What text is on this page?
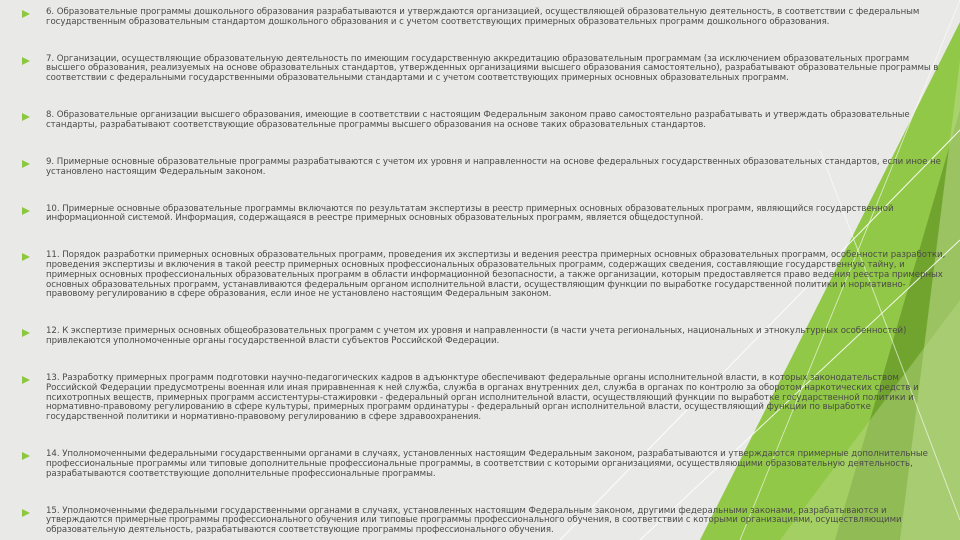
6. Образовательные программы дошкольного образования разрабатываются и утверждаются организацией, осуществляющей образовательную деятельность, в соответствии с федеральным государственным образовательным стандартом дошкольного образования и с учетом соответствующих примерных образовательных программ дошкольного образования.
7. Организации, осуществляющие образовательную деятельность по имеющим государственную аккредитацию образовательным программам (за исключением образовательных программ высшего образования, реализуемых на основе образовательных стандартов, утвержденных организациями высшего образования самостоятельно), разрабатывают образовательные программы в соответствии с федеральными государственными образовательными стандартами и с учетом соответствующих примерных основных образовательных программ.
8. Образовательные организации высшего образования, имеющие в соответствии с настоящим Федеральным законом право самостоятельно разрабатывать и утверждать образовательные стандарты, разрабатывают соответствующие образовательные программы высшего образования на основе таких образовательных стандартов.
9. Примерные основные образовательные программы разрабатываются с учетом их уровня и направленности на основе федеральных государственных образовательных стандартов, если иное не установлено настоящим Федеральным законом.
10. Примерные основные образовательные программы включаются по результатам экспертизы в реестр примерных основных образовательных программ, являющийся государственной информационной системой. Информация, содержащаяся в реестре примерных основных образовательных программ, является общедоступной.
11. Порядок разработки примерных основных образовательных программ, проведения их экспертизы и ведения реестра примерных основных образовательных программ, особенности разработки, проведения экспертизы и включения в такой реестр примерных основных профессиональных образовательных программ, содержащих сведения, составляющие государственную тайну, и примерных основных профессиональных образовательных программ в области информационной безопасности, а также организации, которым предоставляется право ведения реестра примерных основных образовательных программ, устанавливаются федеральным органом исполнительной власти, осуществляющим функции по выработке государственной политики и нормативно-правовому регулированию в сфере образования, если иное не установлено настоящим Федеральным законом.
12. К экспертизе примерных основных общеобразовательных программ с учетом их уровня и направленности (в части учета региональных, национальных и этнокультурных особенностей) привлекаются уполномоченные органы государственной власти субъектов Российской Федерации.
13. Разработку примерных программ подготовки научно-педагогических кадров в адъюнктуре обеспечивают федеральные органы исполнительной власти, в которых законодательством Российской Федерации предусмотрены военная или иная приравненная к ней служба, служба в органах внутренних дел, служба в органах по контролю за оборотом наркотических средств и психотропных веществ, примерных программ ассистентуры-стажировки - федеральный орган исполнительной власти, осуществляющий функции по выработке государственной политики и нормативно-правовому регулированию в сфере культуры, примерных программ ординатуры - федеральный орган исполнительной власти, осуществляющий функции по выработке государственной политики и нормативно-правовому регулированию в сфере здравоохранения.
14. Уполномоченными федеральными государственными органами в случаях, установленных настоящим Федеральным законом, разрабатываются и утверждаются примерные дополнительные профессиональные программы или типовые дополнительные профессиональные программы, в соответствии с которыми организациями, осуществляющими образовательную деятельность, разрабатываются соответствующие дополнительные профессиональные программы.
15. Уполномоченными федеральными государственными органами в случаях, установленных настоящим Федеральным законом, другими федеральными законами, разрабатываются и утверждаются примерные программы профессионального обучения или типовые программы профессионального обучения, в соответствии с которыми организациями, осуществляющими образовательную деятельность, разрабатываются соответствующие программы профессионального обучения.
